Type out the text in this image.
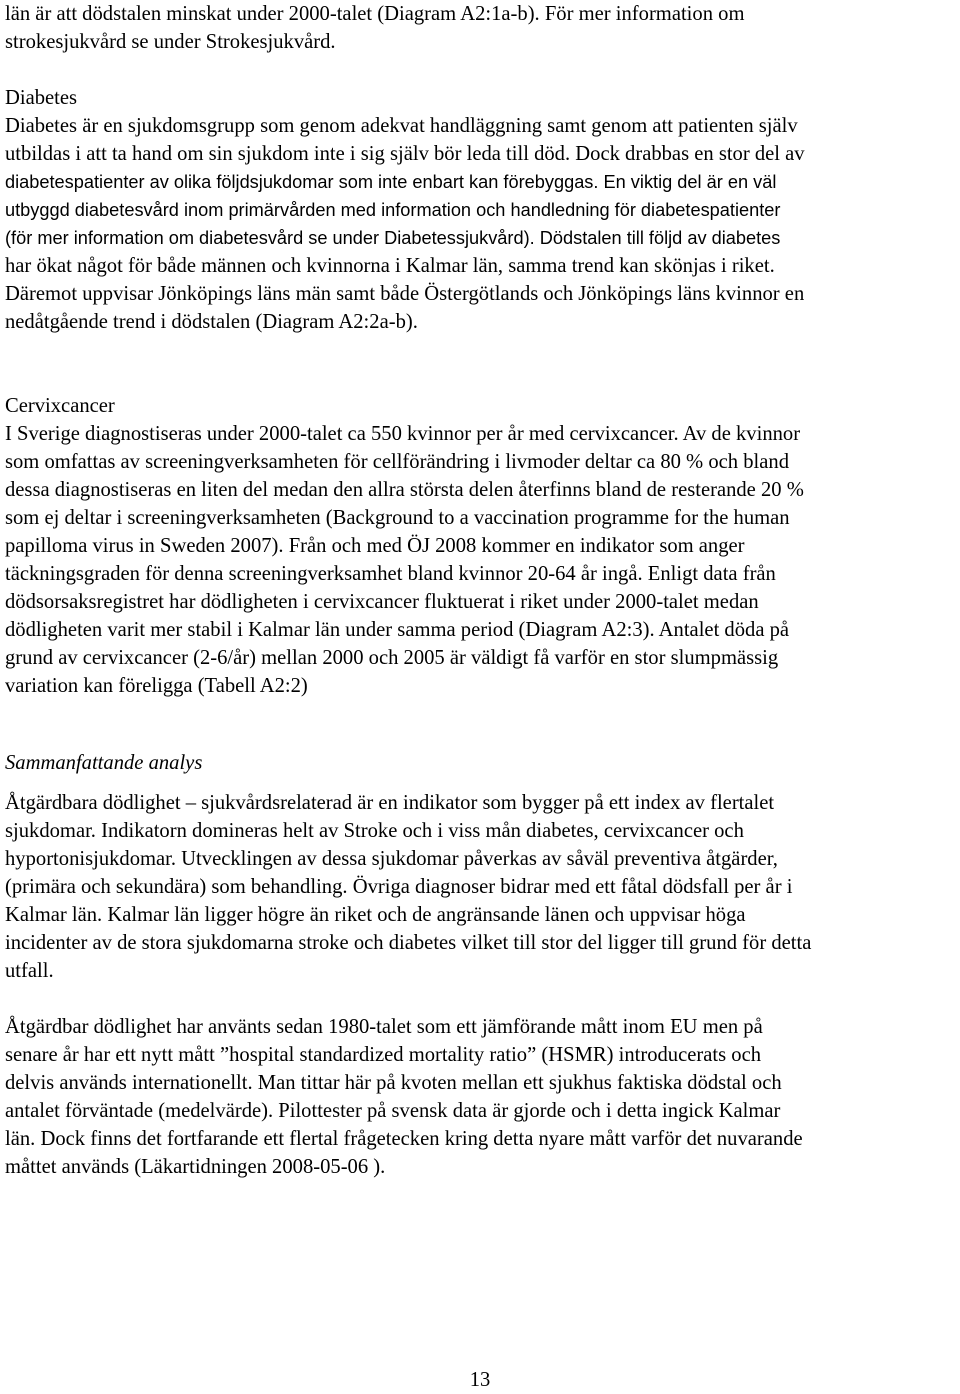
län är att dödstalen minskat under 2000-talet (Diagram A2:1a-b). För mer information om
strokesjukvård se under Strokesjukvård.
Diabetes
Diabetes är en sjukdomsgrupp som genom adekvat handläggning samt genom att patienten själv
utbildas i att ta hand om sin sjukdom inte i sig själv bör leda till död. Dock drabbas en stor del av
diabetespatienter av olika följdsjukdomar som inte enbart kan förebyggas. En viktig del är en väl
utbyggd diabetesvård inom primärvården med information och handledning för diabetespatienter
(för mer information om diabetesvård se under Diabetessjukvård). Dödstalen till följd av diabetes
har ökat något för både männen och kvinnorna i Kalmar län, samma trend kan skönjas i riket.
Däremot uppvisar Jönköpings läns män samt både Östergötlands och Jönköpings läns kvinnor en
nedåtgående trend i dödstalen (Diagram A2:2a-b).
Cervixcancer
I Sverige diagnostiseras under 2000-talet ca 550 kvinnor per år med cervixcancer. Av de kvinnor
som omfattas av screeningverksamheten för cellförändring i livmoder deltar ca 80 % och bland
dessa diagnostiseras en liten del medan den allra största delen återfinns bland de resterande 20 %
som ej deltar i screeningverksamheten (Background to a vaccination programme for the human
papilloma virus in Sweden 2007). Från och med ÖJ 2008 kommer en indikator som anger
täckningsgraden för denna screeningverksamhet bland kvinnor 20-64 år ingå. Enligt data från
dödsorsaksregistret har dödligheten i cervixcancer fluktuerat i riket under 2000-talet medan
dödligheten varit mer stabil i Kalmar län under samma period (Diagram A2:3). Antalet döda på
grund av cervixcancer (2-6/år) mellan 2000 och 2005 är väldigt få varför en stor slumpmässig
variation kan föreligga (Tabell A2:2)
Sammanfattande analys
Åtgärdbara dödlighet – sjukvårdsrelaterad är en indikator som bygger på ett index av flertalet
sjukdomar. Indikatorn domineras helt av Stroke och i viss mån diabetes, cervixcancer och
hyportonisjukdomar. Utvecklingen av dessa sjukdomar påverkas av såväl preventiva åtgärder,
(primära och sekundära) som behandling. Övriga diagnoser bidrar med ett fåtal dödsfall per år i
Kalmar län. Kalmar län ligger högre än riket och de angränsande länen och uppvisar höga
incidenter av de stora sjukdomarna stroke och diabetes vilket till stor del ligger till grund för detta
utfall.
Åtgärdbar dödlighet har använts sedan 1980-talet som ett jämförande mått inom EU men på
senare år har ett nytt mått ”hospital standardized mortality ratio” (HSMR) introducerats och
delvis används internationellt. Man tittar här på kvoten mellan ett sjukhus faktiska dödstal och
antalet förväntade (medelvärde). Pilottester på svensk data är gjorde och i detta ingick Kalmar
län. Dock finns det fortfarande ett flertal frågetecken kring detta nyare mått varför det nuvarande
måttet används (Läkartidningen 2008-05-06 ).
13
